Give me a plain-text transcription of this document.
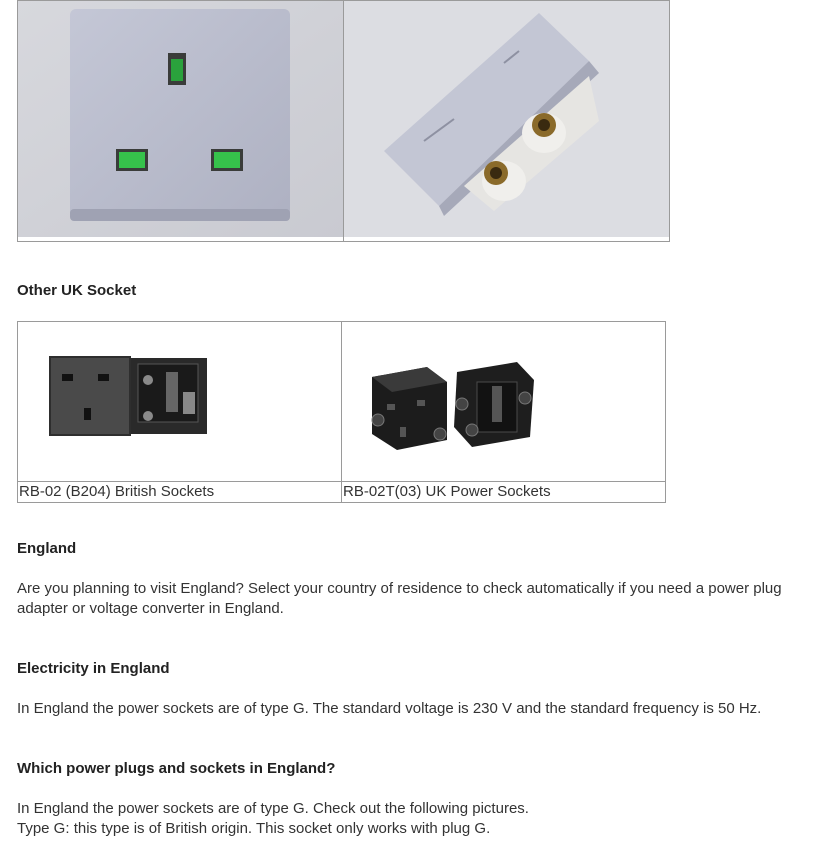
Other UK Socket

RB-02 (B204) British Sockets	RB-02T(03) UK Power Sockets
England

Are you planning to visit England? Select your country of residence to check automatically if you need a power plug adapter or voltage converter in England.

Electricity in England

In England the power sockets are of type G. The standard voltage is 230 V and the standard frequency is 50 Hz.

Which power plugs and sockets in England?

In England the power sockets are of type G. Check out the following pictures.

Type G: this type is of British origin. This socket only works with plug G.
